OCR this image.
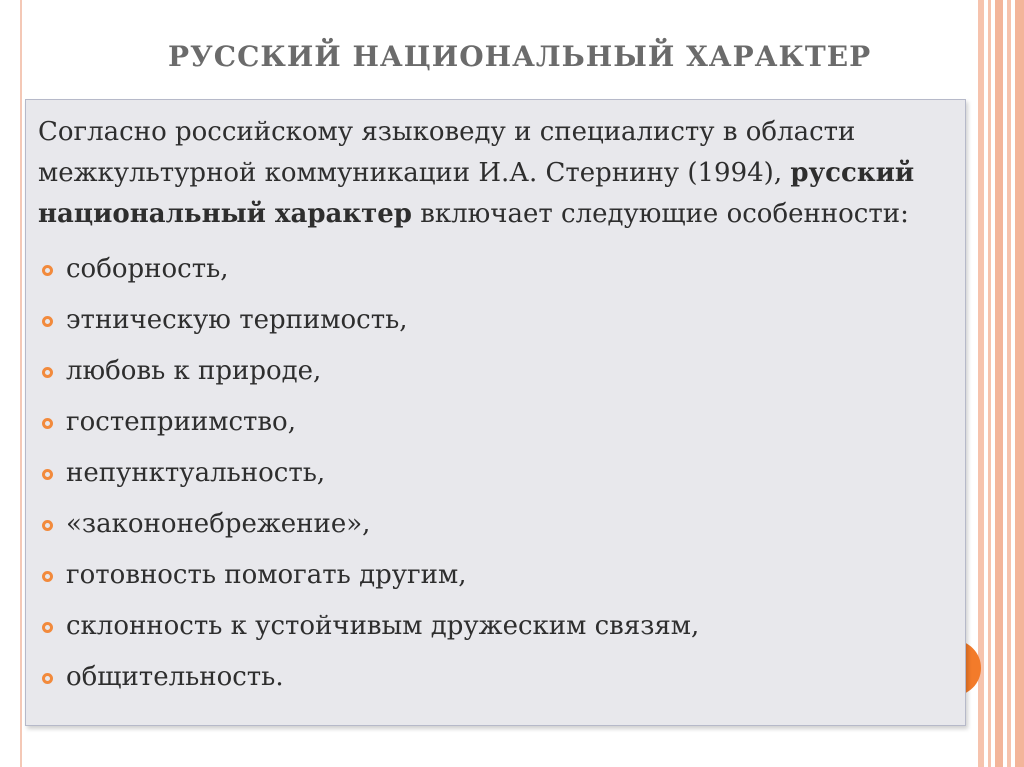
РУССКИЙ НАЦИОНАЛЬНЫЙ ХАРАКТЕР

Согласно российскому языковеду и специалисту в области межкультурной коммуникации И.А. Стернину (1994), русский национальный характер включает следующие особенности:

соборность,
этническую терпимость,
любовь к природе,
гостеприимство,
непунктуальность,
«закононебрежение»,
готовность помогать другим,
склонность к устойчивым дружеским связям,
общительность.
